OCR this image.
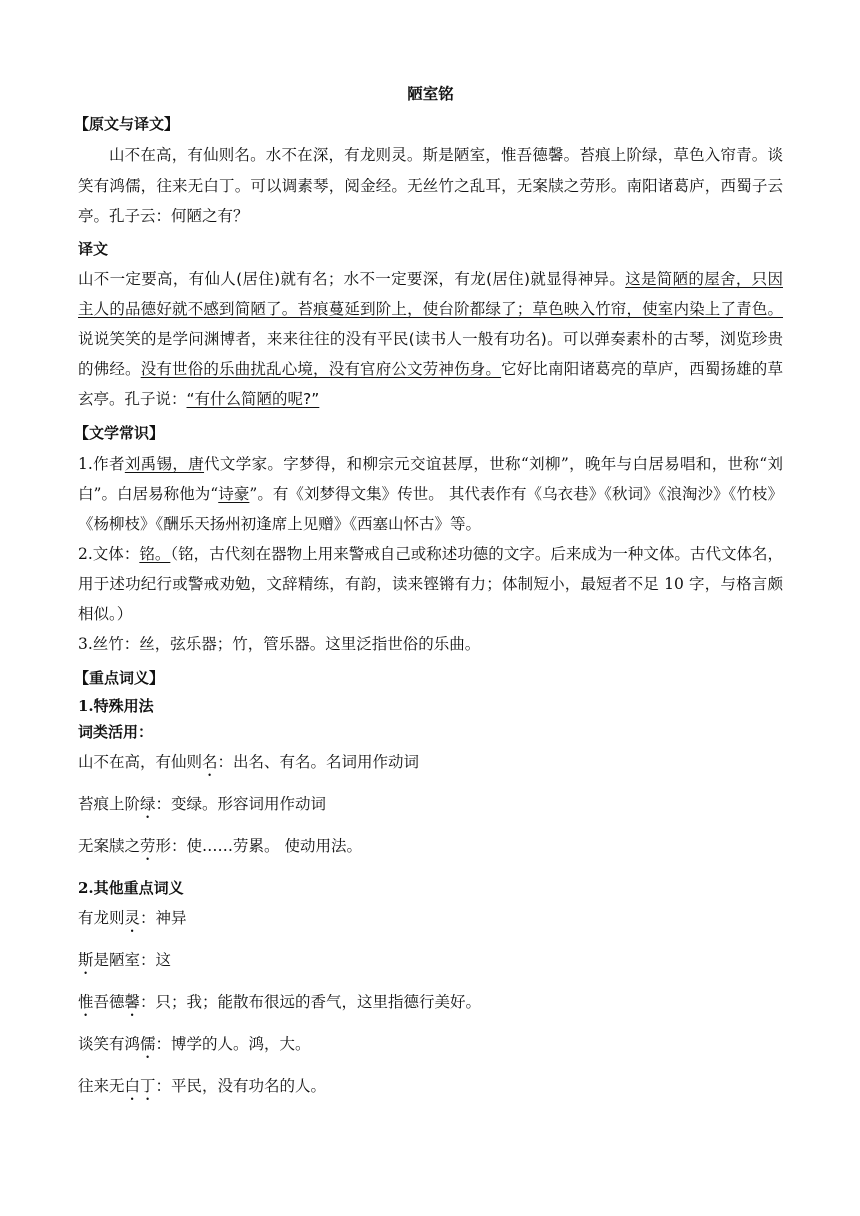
陋室铭
【原文与译文】

山不在高，有仙则名。水不在深，有龙则灵。斯是陋室，惟吾德馨。苔痕上阶绿，草色入帘青。谈笑有鸿儒，往来无白丁。可以调素琴，阅金经。无丝竹之乱耳，无案牍之劳形。南阳诸葛庐，西蜀子云亭。孔子云：何陋之有？

译文

山不一定要高，有仙人(居住)就有名；水不一定要深，有龙(居住)就显得神异。这是简陋的屋舍，只因主人的品德好就不感到简陋了。苔痕蔓延到阶上，使台阶都绿了；草色映入竹帘，使室内染上了青色。说说笑笑的是学问渊博者，来来往往的没有平民(读书人一般有功名)。可以弹奏素朴的古琴，浏览珍贵的佛经。没有世俗的乐曲扰乱心境，没有官府公文劳神伤身。它好比南阳诸葛亮的草庐，西蜀扬雄的草玄亭。孔子说：“有什么简陋的呢?”

【文学常识】

1.作者刘禹锡，唐代文学家。字梦得，和柳宗元交谊甚厚，世称“刘柳”，晚年与白居易唱和，世称“刘白”。白居易称他为“诗豪”。有《刘梦得文集》传世。 其代表作有《乌衣巷》《秋词》《浪淘沙》《竹枝》《杨柳枝》《酬乐天扬州初逢席上见赠》《西塞山怀古》等。

2.文体：铭。（铭，古代刻在器物上用来警戒自己或称述功德的文字。后来成为一种文体。古代文体名，用于述功纪行或警戒劝勉，文辞精练，有韵，读来铿锵有力；体制短小，最短者不足 10 字，与格言颇相似。）

3.丝竹：丝，弦乐器；竹，管乐器。这里泛指世俗的乐曲。

【重点词义】
1.特殊用法
词类活用：

山不在高，有仙则名：出名、有名。名词用作动词

苔痕上阶绿：变绿。形容词用作动词

无案牍之劳形：使……劳累。 使动用法。

2.其他重点词义

有龙则灵：神异

斯是陋室：这

惟吾德馨：只；我；能散布很远的香气，这里指德行美好。

谈笑有鸿儒：博学的人。鸿，大。

往来无白丁：平民，没有功名的人。
